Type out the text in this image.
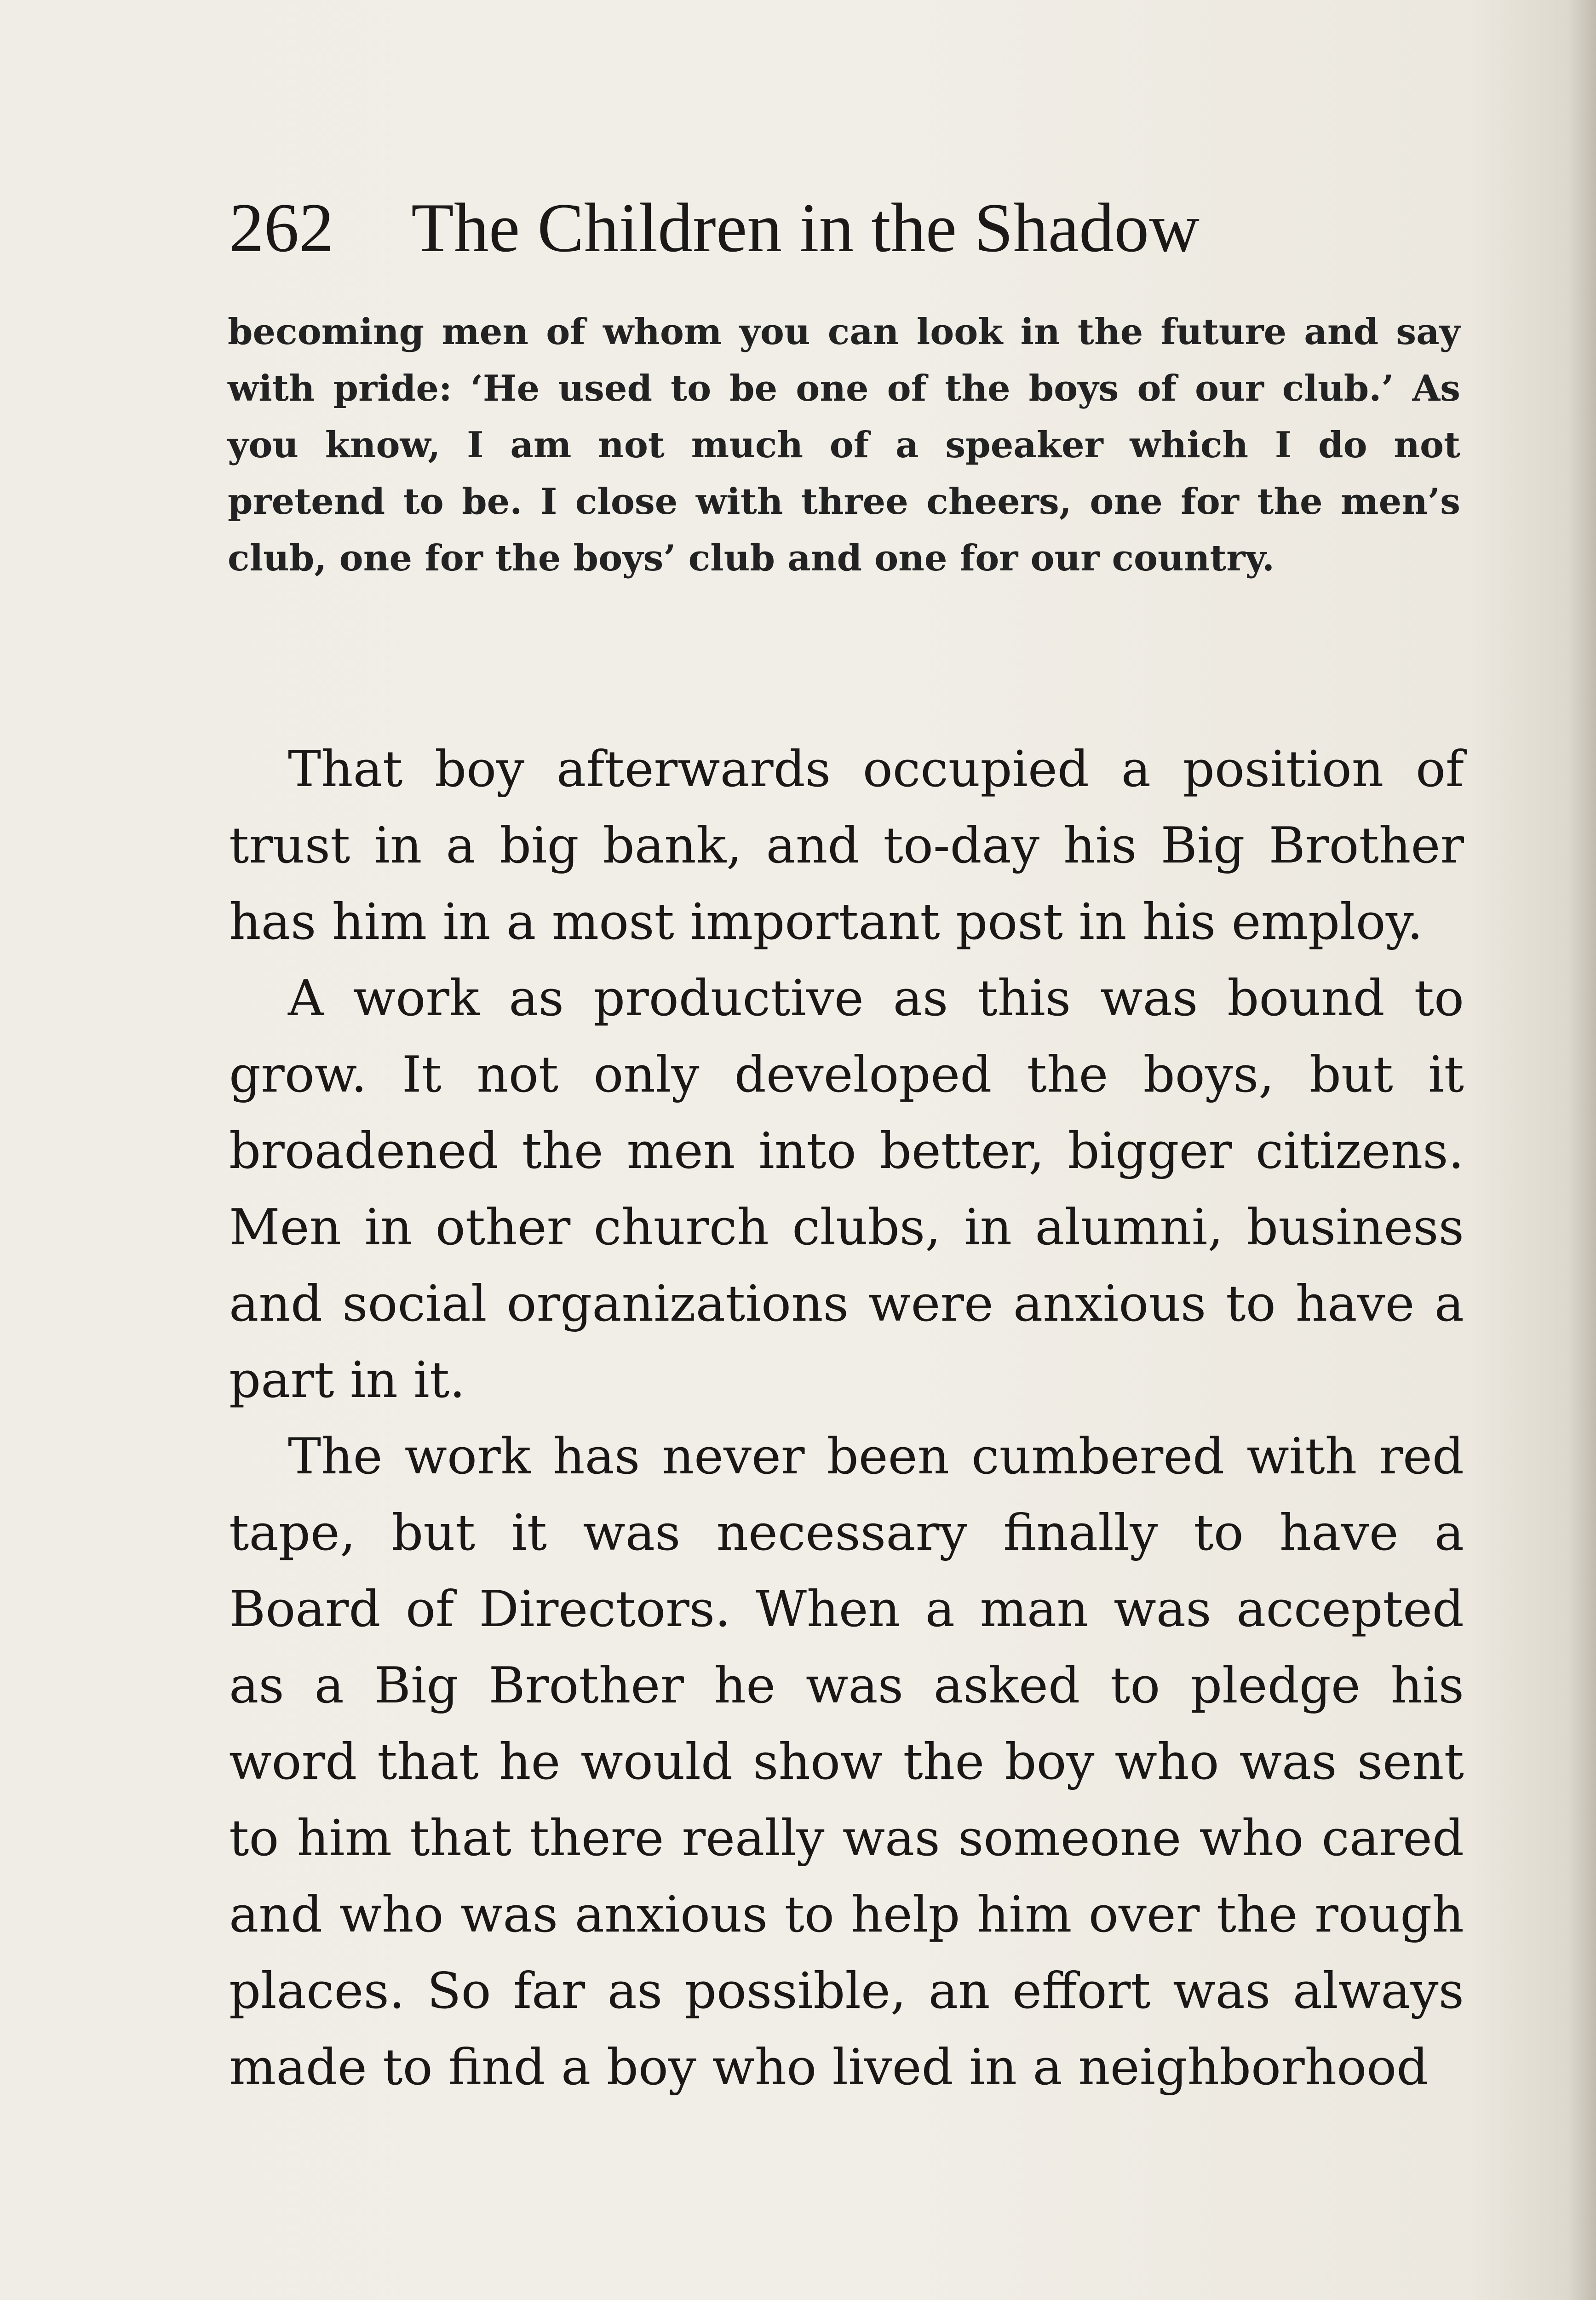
262 The Children in the Shadow
becoming men of whom you can look in the future and say with pride: ‘He used to be one of the boys of our club.’ As you know, I am not much of a speaker which I do not pretend to be. I close with three cheers, one for the men’s club, one for the boys’ club and one for our country.

That boy afterwards occupied a position of trust in a big bank, and to-day his Big Brother has him in a most important post in his employ.

A work as productive as this was bound to grow. It not only developed the boys, but it broadened the men into better, bigger citizens. Men in other church clubs, in alumni, business and social organizations were anxious to have a part in it.

The work has never been cumbered with red tape, but it was necessary finally to have a Board of Directors. When a man was accepted as a Big Brother he was asked to pledge his word that he would show the boy who was sent to him that there really was someone who cared and who was anxious to help him over the rough places. So far as possible, an effort was always made to find a boy who lived in a neighborhood
